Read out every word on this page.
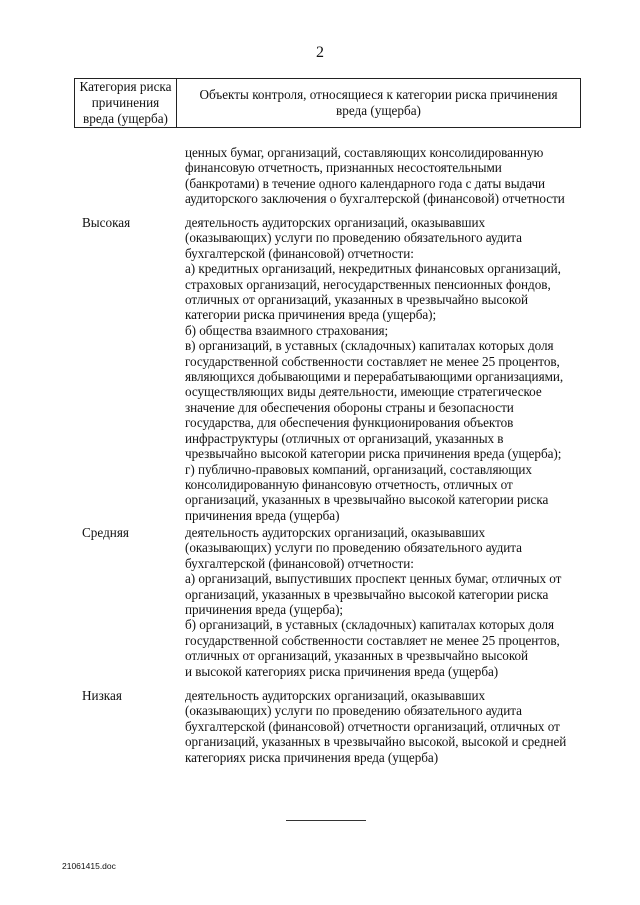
2
Категория риска
причинения
вреда (ущерба)

Объекты контроля, относящиеся к категории риска причинения
вреда (ущерба)
ценных бумаг, организаций, составляющих консолидированную
финансовую отчетность, признанных несостоятельными
(банкротами) в течение одного календарного года с даты выдачи
аудиторского заключения о бухгалтерской (финансовой) отчетности
Высокая	деятельность аудиторских организаций, оказывавших
(оказывающих) услуги по проведению обязательного аудита
бухгалтерской (финансовой) отчетности:
а) кредитных организаций, некредитных финансовых организаций,
страховых организаций, негосударственных пенсионных фондов,
отличных от организаций, указанных в чрезвычайно высокой
категории риска причинения вреда (ущерба);
б) общества взаимного страхования;
в) организаций, в уставных (складочных) капиталах которых доля
государственной собственности составляет не менее 25 процентов,
являющихся добывающими и перерабатывающими организациями,
осуществляющих виды деятельности, имеющие стратегическое
значение для обеспечения обороны страны и безопасности
государства, для обеспечения функционирования объектов
инфраструктуры (отличных от организаций, указанных в
чрезвычайно высокой категории риска причинения вреда (ущерба);
г) публично-правовых компаний, организаций, составляющих
консолидированную финансовую отчетность, отличных от
организаций, указанных в чрезвычайно высокой категории риска
причинения вреда (ущерба)
Средняя	деятельность аудиторских организаций, оказывавших
(оказывающих) услуги по проведению обязательного аудита
бухгалтерской (финансовой) отчетности:
а) организаций, выпустивших проспект ценных бумаг, отличных от
организаций, указанных в чрезвычайно высокой категории риска
причинения вреда (ущерба);
б) организаций, в уставных (складочных) капиталах которых доля
государственной собственности составляет не менее 25 процентов,
отличных от организаций, указанных в чрезвычайно высокой
и высокой категориях риска причинения вреда (ущерба)
Низкая	деятельность аудиторских организаций, оказывавших
(оказывающих) услуги по проведению обязательного аудита
бухгалтерской (финансовой) отчетности организаций, отличных от
организаций, указанных в чрезвычайно высокой, высокой и средней
категориях риска причинения вреда (ущерба)
21061415.doc
